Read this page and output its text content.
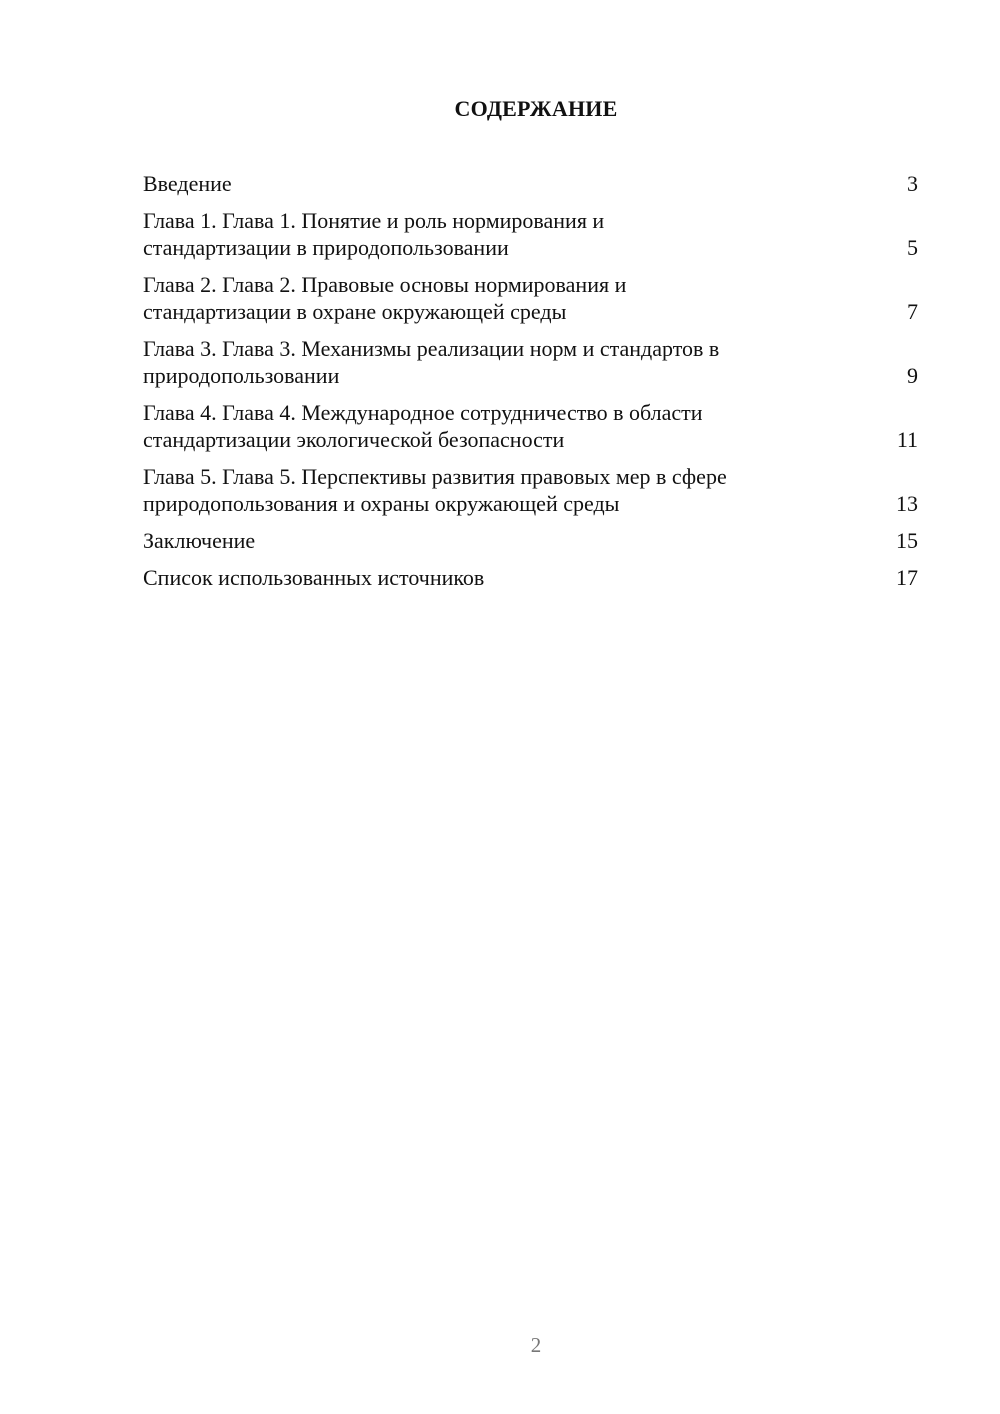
СОДЕРЖАНИЕ
Введение	3
Глава 1. Глава 1. Понятие и роль нормирования и
стандартизации в природопользовании	5
Глава 2. Глава 2. Правовые основы нормирования и
стандартизации в охране окружающей среды	7
Глава 3. Глава 3. Механизмы реализации норм и стандартов в
природопользовании	9
Глава 4. Глава 4. Международное сотрудничество в области
стандартизации экологической безопасности	11
Глава 5. Глава 5. Перспективы развития правовых мер в сфере
природопользования и охраны окружающей среды	13
Заключение	15
Список использованных источников	17
2
